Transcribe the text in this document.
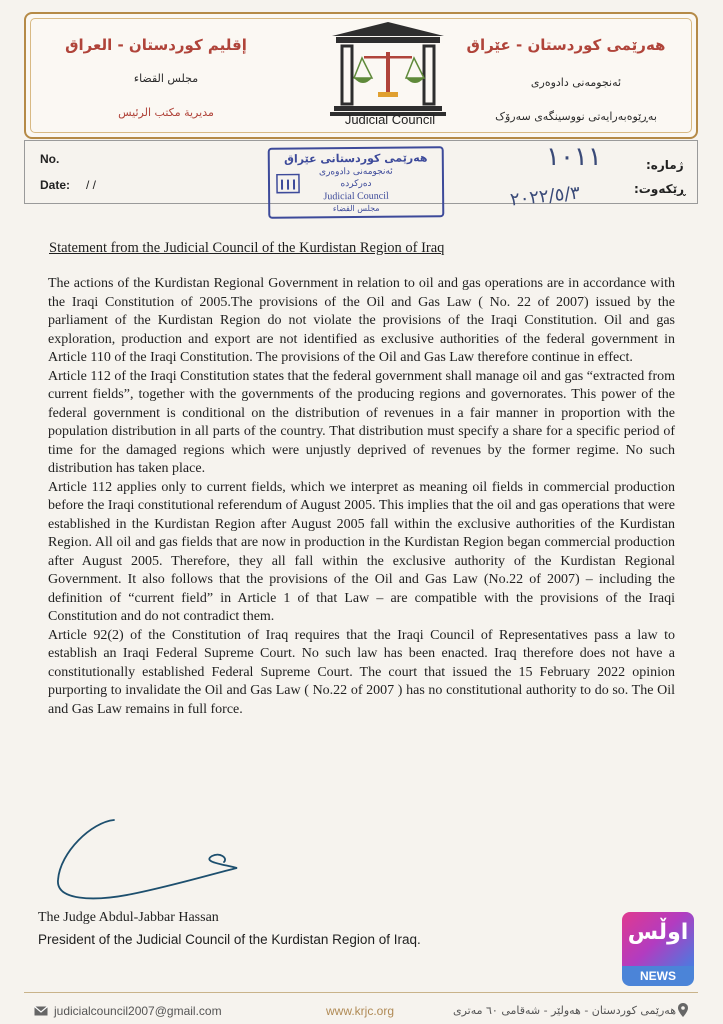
إقليم كوردستان - العراق
مجلس القضاء
مديرية مكتب الرئيس	Judicial Council
هەرێمی کوردستان - عێراق
ئەنجومەنی دادوەری
بەڕێوەبەرایەتی نووسینگەی سەرۆک
No.
Date: / /
ژمارە:
ڕێکەوت:
١٠١١
٢٠٢٢/٥/٣
هەرێمی کوردستانی عێراق
ئەنجومەنی دادوەری
دەرکردە
Judicial Council
مجلس القضاء
Statement from the Judicial Council of the Kurdistan Region of Iraq

The actions of the Kurdistan Regional Government in relation to oil and gas operations are in accordance with the Iraqi Constitution of 2005.The provisions of the Oil and Gas Law ( No. 22 of 2007) issued by the parliament of the Kurdistan Region do not violate the provisions of the Iraqi Constitution. Oil and gas exploration, production and export are not identified as exclusive authorities of the federal government in Article 110 of the Iraqi Constitution. The provisions of the Oil and Gas Law therefore continue in effect.

Article 112 of the Iraqi Constitution states that the federal government shall manage oil and gas “extracted from current fields”, together with the governments of the producing regions and governorates. This power of the federal government is conditional on the distribution of revenues in a fair manner in proportion with the population distribution in all parts of the country. That distribution must specify a share for a specific period of time for the damaged regions which were unjustly deprived of revenues by the former regime. No such distribution has taken place.

Article 112 applies only to current fields, which we interpret as meaning oil fields in commercial production before the Iraqi constitutional referendum of August 2005. This implies that the oil and gas operations that were established in the Kurdistan Region after August 2005 fall within the exclusive authorities of the Kurdistan Region. All oil and gas fields that are now in production in the Kurdistan Region began commercial production after August 2005. Therefore, they all fall within the exclusive authority of the Kurdistan Regional Government. It also follows that the provisions of the Oil and Gas Law (No.22 of 2007) – including the definition of “current field” in Article 1 of that Law – are compatible with the provisions of the Iraqi Constitution and do not contradict them.

Article 92(2) of the Constitution of Iraq requires that the Iraqi Council of Representatives pass a law to establish an Iraqi Federal Supreme Court. No such law has been enacted. Iraq therefore does not have a constitutionally established Federal Supreme Court. The court that issued the 15 February 2022 opinion purporting to invalidate the Oil and Gas Law ( No.22 of 2007 ) has no constitutional authority to do so. The Oil and Gas Law remains in full force.

The Judge Abdul-Jabbar Hassan
President of the Judicial Council of the Kurdistan Region of Iraq.	اوڵس
NEWS
judicialcouncil2007@gmail.com	www.krjc.org	هەرێمی کوردستان - هەولێر - شەقامی ٦٠ مەتری
